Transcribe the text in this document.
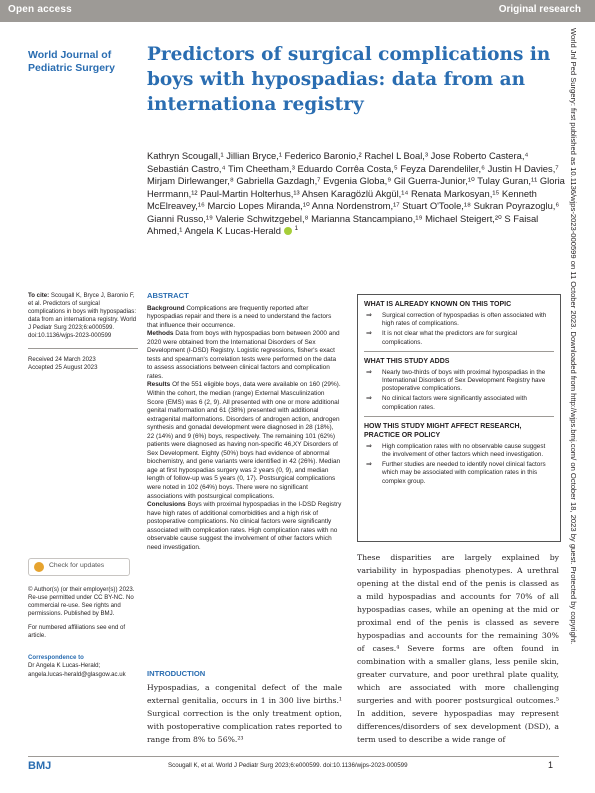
Open access	Original research
World Journal of
Pediatric Surgery
Predictors of surgical complications in boys with hypospadias: data from an internationa registry
Kathryn Scougall,¹ Jillian Bryce,¹ Federico Baronio,² Rachel L Boal,³ Jose Roberto Castera,⁴ Sebastián Castro,⁴ Tim Cheetham,³ Eduardo Corrêa Costa,⁵ Feyza Darendeliler,⁶ Justin H Davies,⁷ Mirjam Dirlewanger,⁸ Gabriella Gazdagh,⁷ Evgenia Globa,⁹ Gil Guerra-Junior,¹⁰ Tulay Guran,¹¹ Gloria Herrmann,¹² Paul-Martin Holterhus,¹³ Ahsen Karagözlü Akgül,¹⁴ Renata Markosyan,¹⁵ Kenneth McElreavey,¹⁶ Marcio Lopes Miranda,¹⁰ Anna Nordenstrom,¹⁷ Stuart O'Toole,¹⁸ Sukran Poyrazoglu,⁶ Gianni Russo,¹⁹ Valerie Schwitzgebel,⁸ Marianna Stancampiano,¹⁹ Michael Steigert,²⁰ S Faisal Ahmed,¹ Angela K Lucas-Herald $^1$
To cite: Scougall K, Bryce J, Baronio F, et al. Predictors of surgical complications in boys with hypospadias: data from an internationa registry. World J Pediatr Surg 2023;6:e000599. doi:10.1136/wjps-2023-000599
Received 24 March 2023
Accepted 25 August 2023
Check for updates
© Author(s) (or their employer(s)) 2023. Re-use permitted under CC BY-NC. No commercial re-use. See rights and permissions. Published by BMJ.
For numbered affiliations see end of article.
Correspondence to
Dr Angela K Lucas-Herald; angela.lucas-herald@glasgow.ac.uk
ABSTRACT

Background Complications are frequently reported after hypospadias repair and there is a need to understand the factors that influence their occurrence.

Methods Data from boys with hypospadias born between 2000 and 2020 were obtained from the International Disorders of Sex Development (I-DSD) Registry. Logistic regressions, fisher's exact tests and spearman's correlation tests were performed on the data to assess associations between clinical factors and complication rates.

Results Of the 551 eligible boys, data were available on 160 (29%). Within the cohort, the median (range) External Masculinization Score (EMS) was 6 (2, 9). All presented with one or more additional genital malformation and 61 (38%) presented with additional extragenital malformations. Disorders of androgen action, androgen synthesis and gonadal development were diagnosed in 28 (18%), 22 (14%) and 9 (6%) boys, respectively. The remaining 101 (62%) patients were diagnosed as having non-specific 46,XY Disorders of Sex Development. Eighty (50%) boys had evidence of abnormal biochemistry, and gene variants were identified in 42 (26%). Median age at first hypospadias surgery was 2 years (0, 9), and median length of follow-up was 5 years (0, 17). Postsurgical complications were noted in 102 (64%) boys. There were no significant associations with postsurgical complications.

Conclusions Boys with proximal hypospadias in the I-DSD Registry have high rates of additional comorbidities and a high risk of postoperative complications. No clinical factors were significantly associated with complication rates. High complication rates with no observable cause suggest the involvement of other factors which need investigation.

WHAT IS ALREADY KNOWN ON THIS TOPIC
⇒ Surgical correction of hypospadias is often associated with high rates of complications.
⇒ It is not clear what the predictors are for surgical complications.
WHAT THIS STUDY ADDS
⇒ Nearly two-thirds of boys with proximal hypospadias in the International Disorders of Sex Development Registry have postoperative complications.
⇒ No clinical factors were significantly associated with complication rates.
HOW THIS STUDY MIGHT AFFECT RESEARCH, PRACTICE OR POLICY
⇒ High complication rates with no observable cause suggest the involvement of other factors which need investigation.
⇒ Further studies are needed to identify novel clinical factors which may be associated with complication rates in this complex group.
INTRODUCTION
Hypospadias, a congenital defect of the male external genitalia, occurs in 1 in 300 live births.¹ Surgical correction is the only treatment option, with postoperative complication rates reported to range from 8% to 56%.²³
These disparities are largely explained by variability in hypospadias phenotypes. A urethral opening at the distal end of the penis is classed as a mild hypospadias and accounts for 70% of all hypospadias cases, while an opening at the mid or proximal end of the penis is classed as severe hypospadias and accounts for the remaining 30% of cases.⁴ Severe forms are often found in combination with a smaller glans, less penile skin, greater curvature, and poor urethral plate quality, which are associated with more challenging surgeries and with poorer postsurgical outcomes.⁵ In addition, severe hypospadias may represent differences/disorders of sex development (DSD), a term used to describe a wide range of
BMJ	Scougall K, et al. World J Pediatr Surg 2023;6:e000599. doi:10.1136/wjps-2023-000599	1
World Jnl Ped Surgery: first published as 10.1136/wjps-2023-000599 on 11 October 2023. Downloaded from http://wjps.bmj.com/ on October 18, 2023 by guest. Protected by copyright.
